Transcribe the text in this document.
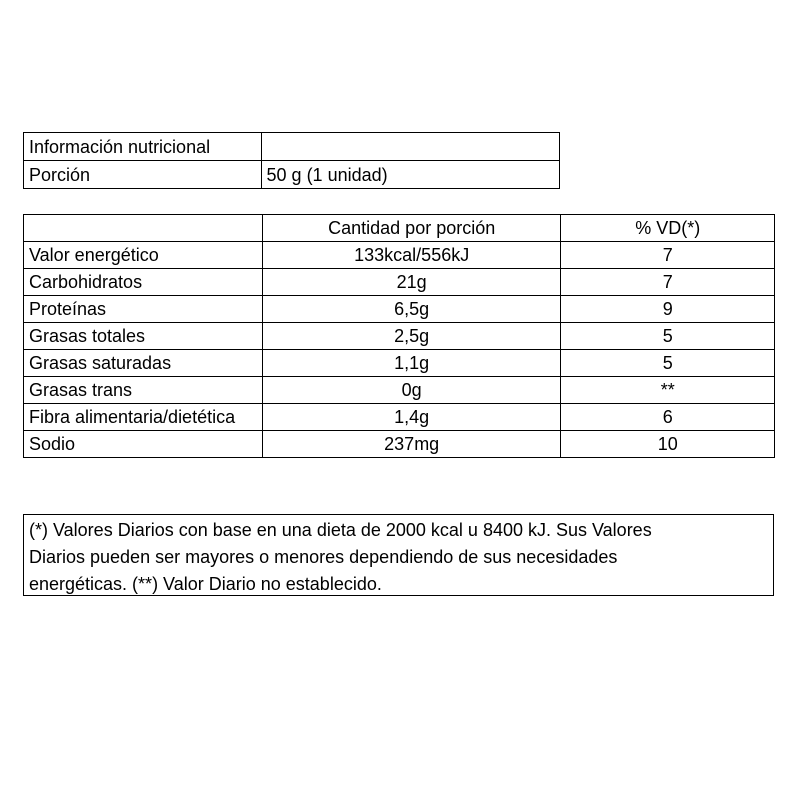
Información nutricional	
Porción	50 g (1 unidad)
	Cantidad por porción	% VD(*)
Valor energético	133kcal/556kJ	7
Carbohidratos	21g	7
Proteínas	6,5g	9
Grasas totales	2,5g	5
Grasas saturadas	1,1g	5
Grasas trans	0g	**
Fibra alimentaria/dietética	1,4g	6
Sodio	237mg	10
(*) Valores Diarios con base en una dieta de 2000 kcal u 8400 kJ. Sus Valores
Diarios pueden ser mayores o menores dependiendo de sus necesidades
energéticas. (**) Valor Diario no establecido.
